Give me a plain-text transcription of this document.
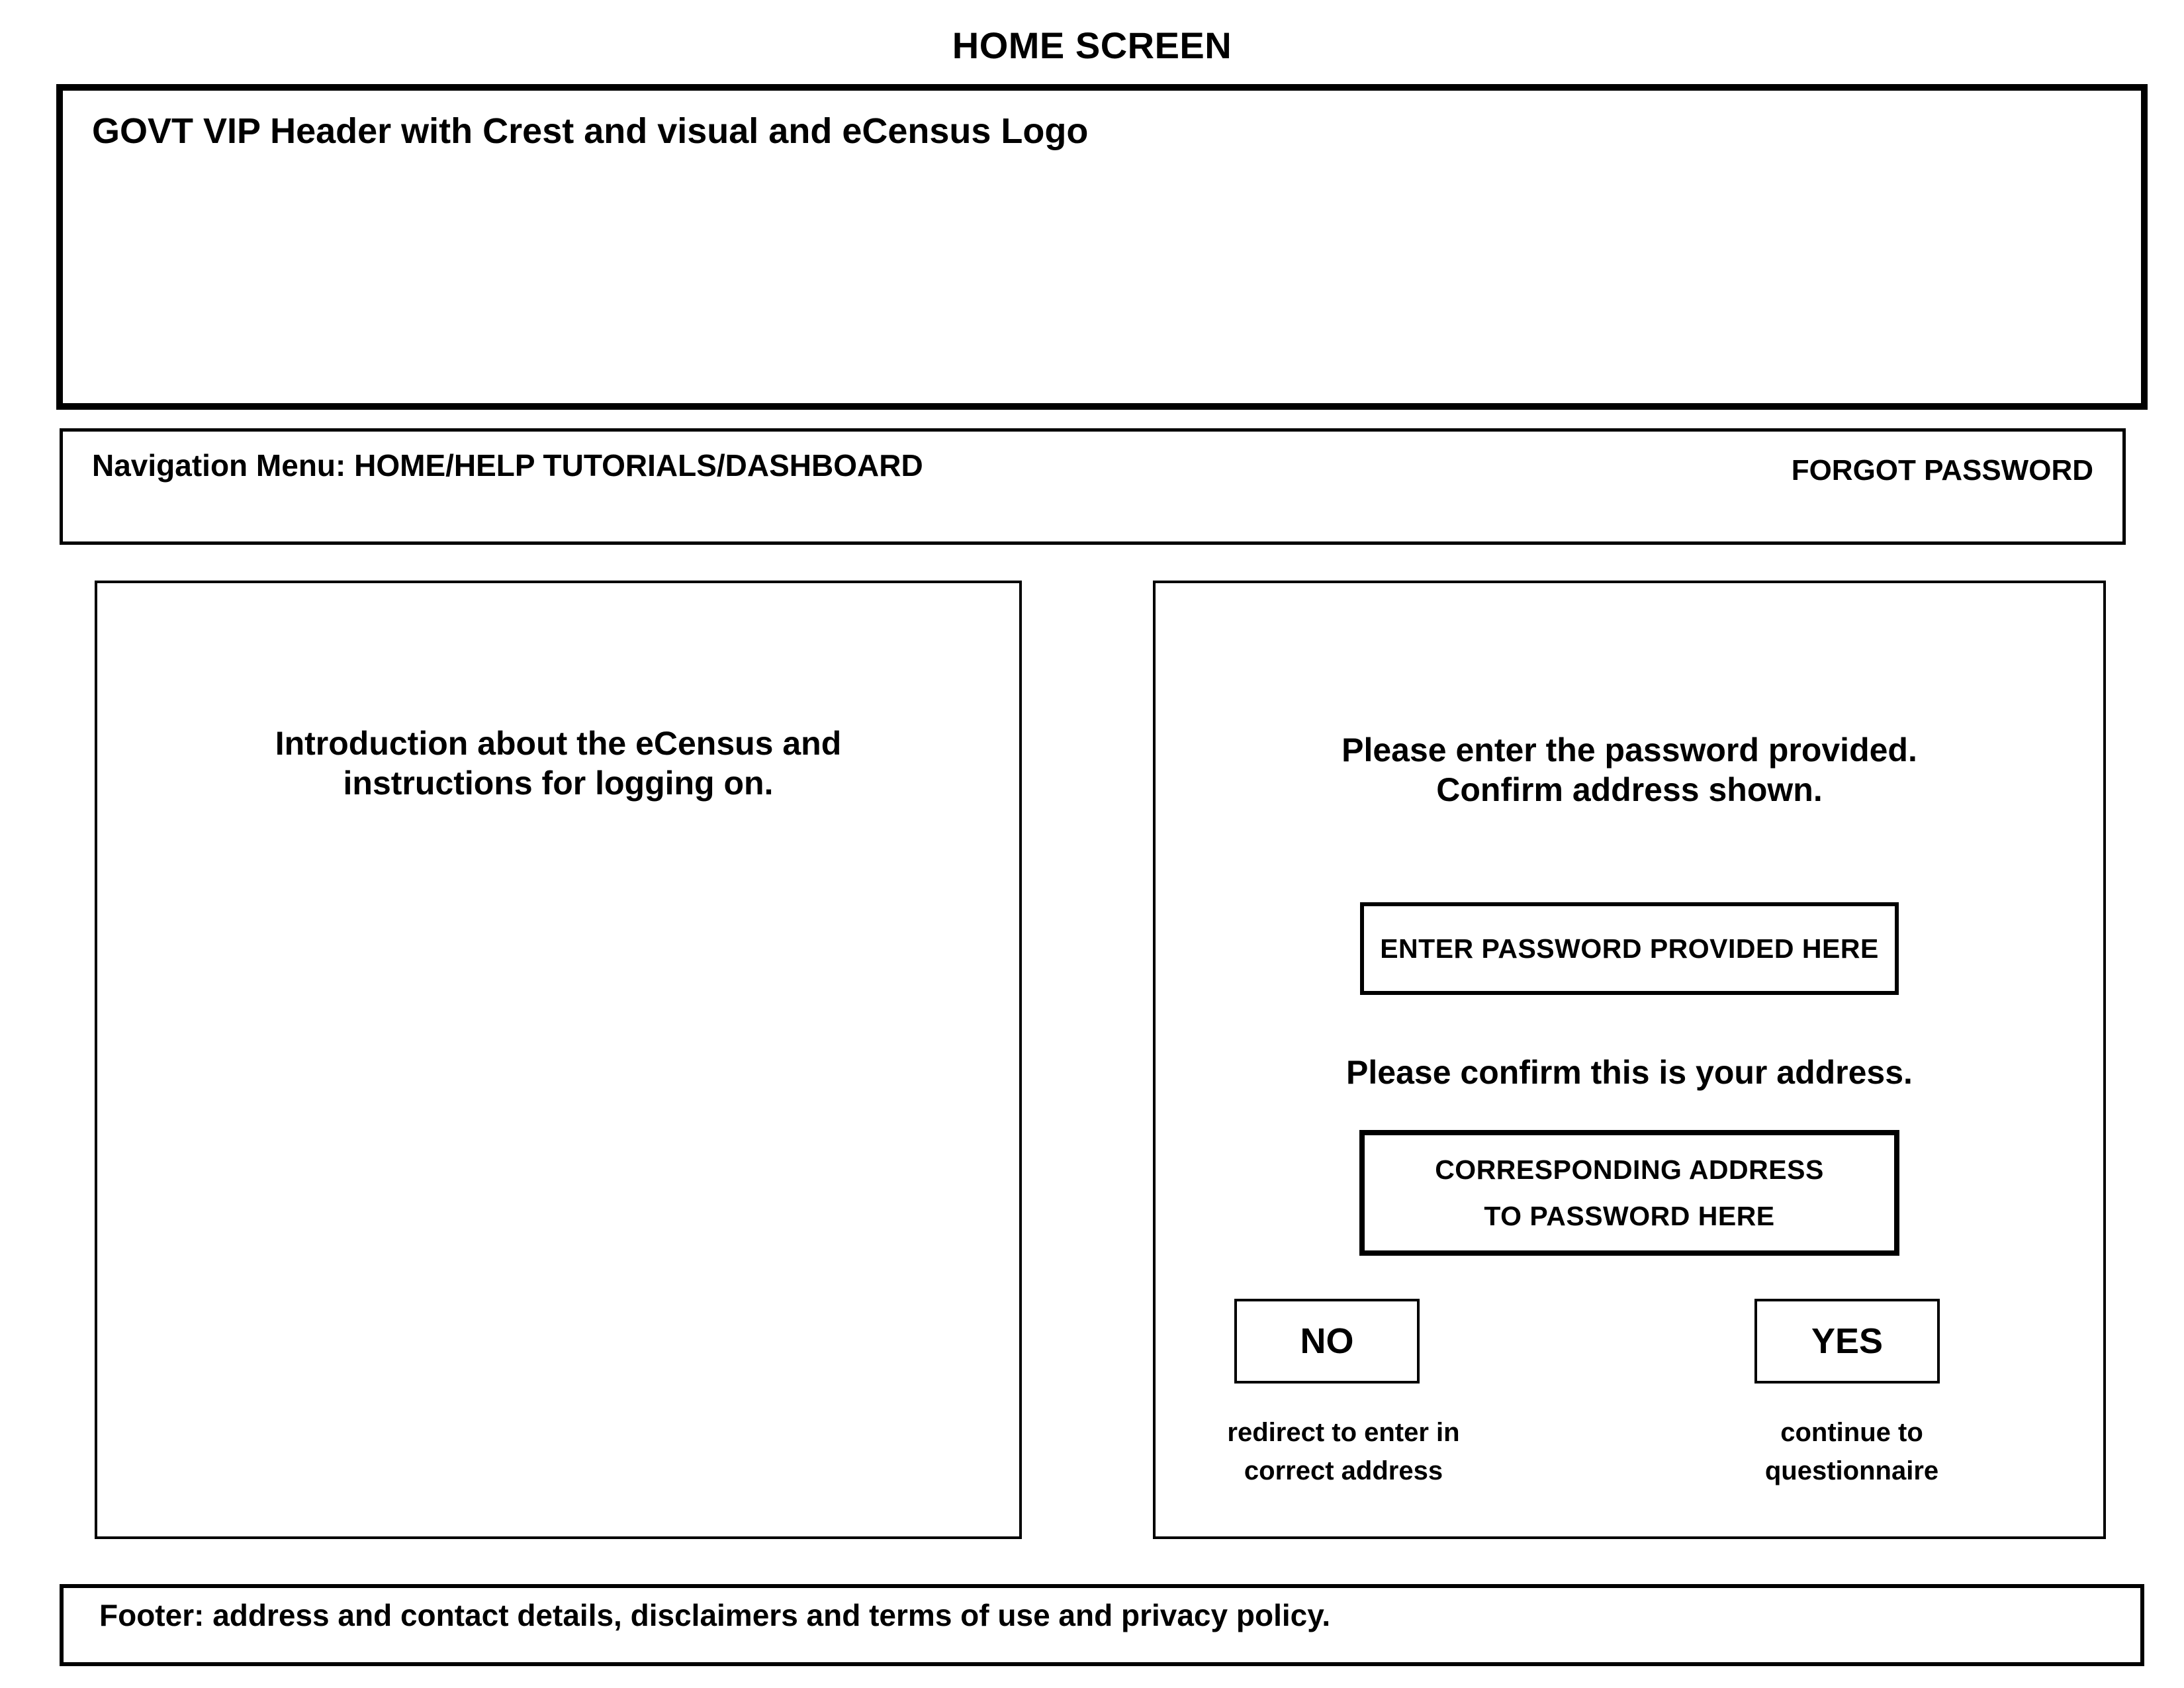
HOME SCREEN
GOVT VIP Header with Crest and visual and eCensus Logo
Navigation Menu: HOME/HELP TUTORIALS/DASHBOARD	FORGOT PASSWORD
Introduction about the eCensus and
instructions for logging on.
Please enter the password provided.
Confirm address shown.
ENTER PASSWORD PROVIDED HERE
Please confirm this is your address.
CORRESPONDING ADDRESS
TO PASSWORD HERE
NO	YES
redirect to enter in
correct address
continue to
questionnaire
Footer: address and contact details, disclaimers and terms of use and privacy policy.
